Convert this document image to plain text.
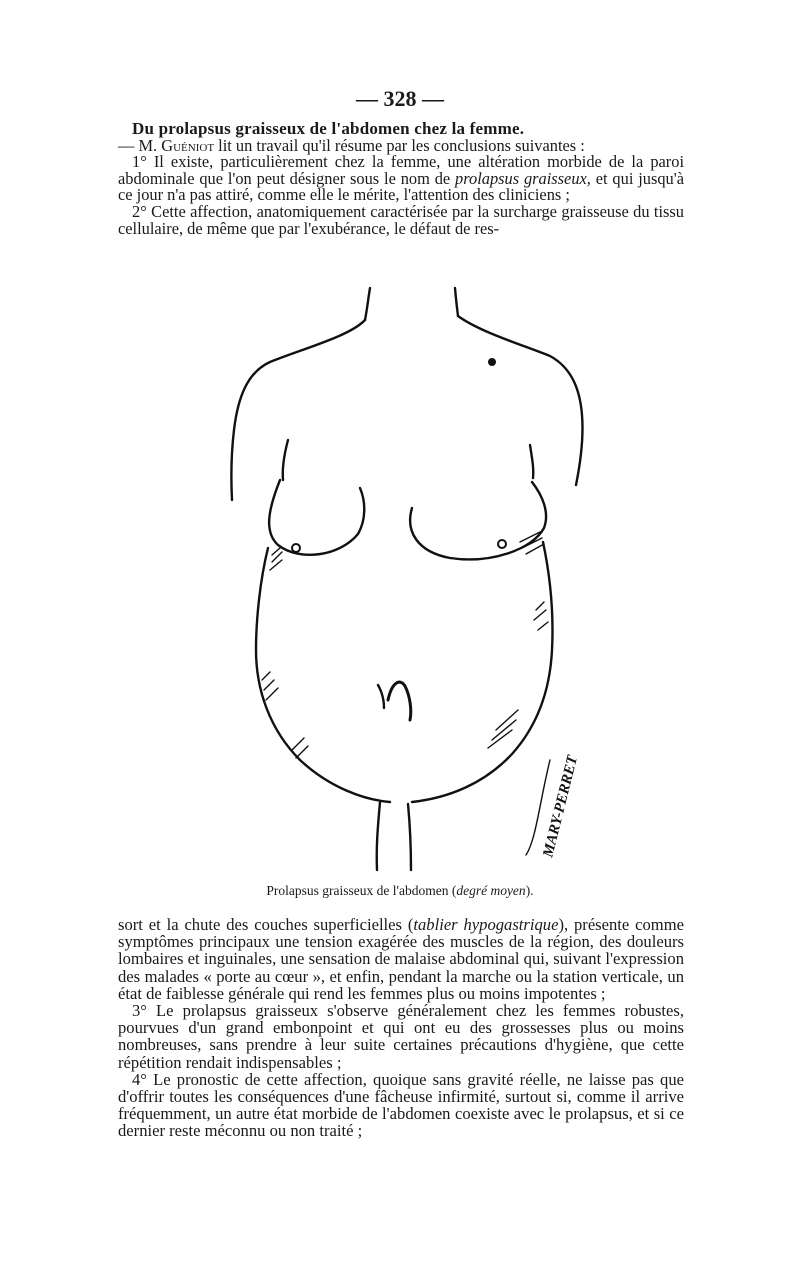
— 328 —

Du prolapsus graisseux de l'abdomen chez la femme.
— M. Guéniot lit un travail qu'il résume par les conclusions suivantes :

1° Il existe, particulièrement chez la femme, une altération morbide de la paroi abdominale que l'on peut désigner sous le nom de prolapsus graisseux, et qui jusqu'à ce jour n'a pas attiré, comme elle le mérite, l'attention des cliniciens ;

2° Cette affection, anatomiquement caractérisée par la surcharge graisseuse du tissu cellulaire, de même que par l'exubérance, le défaut de res-

MARY-PERRET
Prolapsus graisseux de l'abdomen (degré moyen).

sort et la chute des couches superficielles (tablier hypogastrique), présente comme symptômes principaux une tension exagérée des muscles de la région, des douleurs lombaires et inguinales, une sensation de malaise abdominal qui, suivant l'expression des malades « porte au cœur », et enfin, pendant la marche ou la station verticale, un état de faiblesse générale qui rend les femmes plus ou moins impotentes ;

3° Le prolapsus graisseux s'observe généralement chez les femmes robustes, pourvues d'un grand embonpoint et qui ont eu des grossesses plus ou moins nombreuses, sans prendre à leur suite certaines précautions d'hygiène, que cette répétition rendait indispensables ;

4° Le pronostic de cette affection, quoique sans gravité réelle, ne laisse pas que d'offrir toutes les conséquences d'une fâcheuse infirmité, surtout si, comme il arrive fréquemment, un autre état morbide de l'abdomen coexiste avec le prolapsus, et si ce dernier reste méconnu ou non traité ;
